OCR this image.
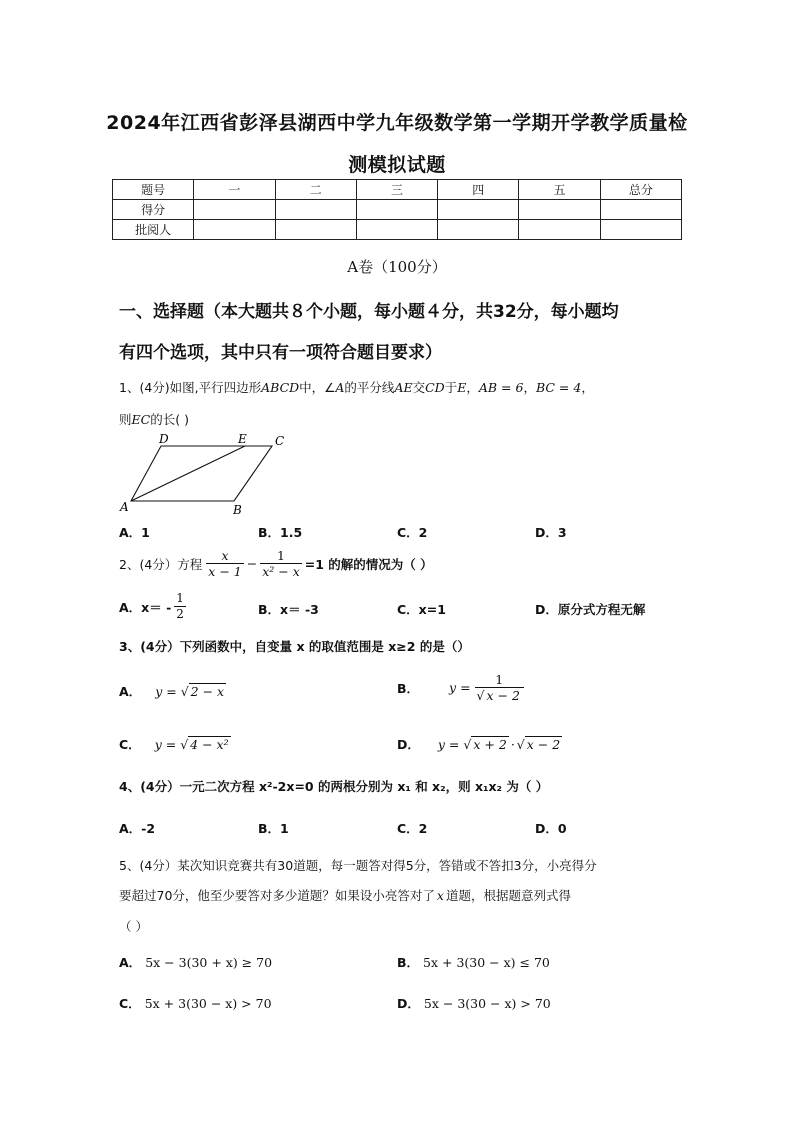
2024年江西省彭泽县湖西中学九年级数学第一学期开学教学质量检
测模拟试题
题号	一	二	三	四	五	总分
得分						
批阅人						
A卷（100分）
一、选择题（本大题共８个小题，每小题４分，共32分，每小题均
有四个选项，其中只有一项符合题目要求）
1、(4分)如图,平行四边形ABCD中，∠A的平分线AE交CD于E，AB = 6，BC = 4，
则EC的长( )
D	E C
A	B
A．1	B．1.5	C．2	D．3
2、(4分）方程 $\frac{x}{x - 1} - \frac{1}{\text{x² − x}} =1$ 的解的情况为（ ）
A．$x= - \frac{1}{2}$	B．x＝ -3	C．x=1	D．原分式方程无解
3、(4分）下列函数中，自变量 x 的取值范围是 x≥2 的是（）
A． y = √ 2 − x	B． $y = \frac{1}{√ x - 2}$
C． y = √ 4 − x²	D． y = √ x + 2 · √ x − 2
4、(4分）一元二次方程 x²-2x=0 的两根分别为 x₁ 和 x₂，则 x₁x₂ 为（ ）
A．-2	B．1	C．2	D．0
5、(4分）某次知识竞赛共有30道题，每一题答对得5分，答错或不答扣3分，小亮得分
要超过70分，他至少要答对多少道题？如果设小亮答对了 x 道题，根据题意列式得
（ ）
A． 5x − 3(30 + x) ≥ 70	B． 5x + 3(30 − x) ≤ 70
C． 5x + 3(30 − x) > 70	D． 5x − 3(30 − x) > 70
